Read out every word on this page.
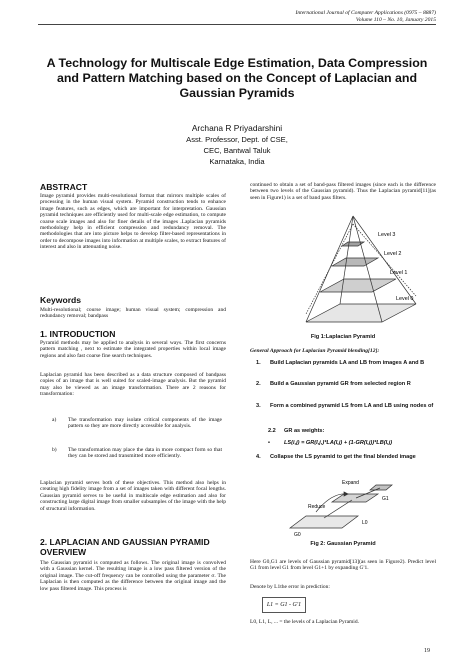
International Journal of Computer Applications (0975 – 8887)
Volume 110 – No. 10, January 2015
A Technology for Multiscale Edge Estimation, Data Compression and Pattern Matching based on the Concept of Laplacian and Gaussian Pyramids
Archana R Priyadarshini
Asst. Professor, Dept. of CSE,
CEC, Bantwal Taluk
Karnataka, India
ABSTRACT
Image pyramid provides multi-resolutional format that mirrors multiple scales of processing in the human visual system. Pyramid construction tends to enhance image features, such as edges, which are important for interpretation. Gaussian pyramid techniques are efficiently used for multi-scale edge estimation, to compute coarse scale images and also for finer details of the images .Laplacian pyramids methodology help in efficient compression and redundancy removal. The methodologies that are into picture helps to develop filter-based representations in order to decompose images into information at multiple scales, to extract features of interest and also in attenuating noise.
Keywords
Multi-resolutional; course image; human visual system; compression and redundancy removal; bandpass
1. INTRODUCTION
Pyramid methods may be applied to analysis in several ways. The first concerns pattern matching , next to estimate the integrated properties within local image regions and also fast coarse fine search techniques.
Laplacian pyramid has been described as a data structure composed of bandpass copies of an image that is well suited for scaled-image analysis. But the pyramid may also be viewed as an image transformation. There are 2 reasons for transformation:
a)	The transformation may isolate critical components of the image pattern so they are more directly accessible for analysis.
b)	The transformation may place the data in more compact form so that they can be stored and transmitted more efficiently.
Laplacian pyramid serves both of these objectives. This method also helps in creating high fidelity image from a set of images taken with different focal lengths. Gaussian pyramid serves to be useful in multiscale edge estimation and also for constructing large digital image from smaller subsamples of the image with the help of structural information.
2. LAPLACIAN AND GAUSSIAN PYRAMID OVERVIEW
The Gaussian pyramid is computed as follows. The original image is convolved with a Gaussian kernel. The resulting image is a low pass filtered version of the original image. The cut-off frequency can be controlled using the parameter σ. The Laplacian is then computed as the difference between the original image and the low pass filtered image. This process is
continued to obtain a set of band-pass filtered images (since each is the difference between two levels of the Gaussian pyramid). Thus the Laplacian pyramid[11](as seen in Figure1) is a set of band pass filters.
Level 3
Level 2
Level 1
Level 0
Fig 1:Laplacian Pyramid
General Approach for Laplacian Pyramid blending[12]:
1.	Build Laplacian pyramids LA and LB from images A and B
2.	Build a Gaussian pyramid GR from selected region R
3.	Form a combined pyramid LS from LA and LB using nodes of
2.2	GR as weights:
•	LS(i,j) = GR(I,j,)*LA(I,j) + (1-GR(I,j))*LB(I,j)
4.	Collapse the LS pyramid to get the final blended image
Expand
Reduce
G0
G1
L0
Fig 2: Gaussian Pyramid
Here G0,G1 are levels of Gaussian pyramid[13](as seen in Figure2). Predict level G1 from level G1 from level G1+1 by expanding G'1.
Denote by L1the error in prediction:
L1 = G1 - G'1
L0, L1, L, ... = the levels of a Laplacian Pyramid.
19
